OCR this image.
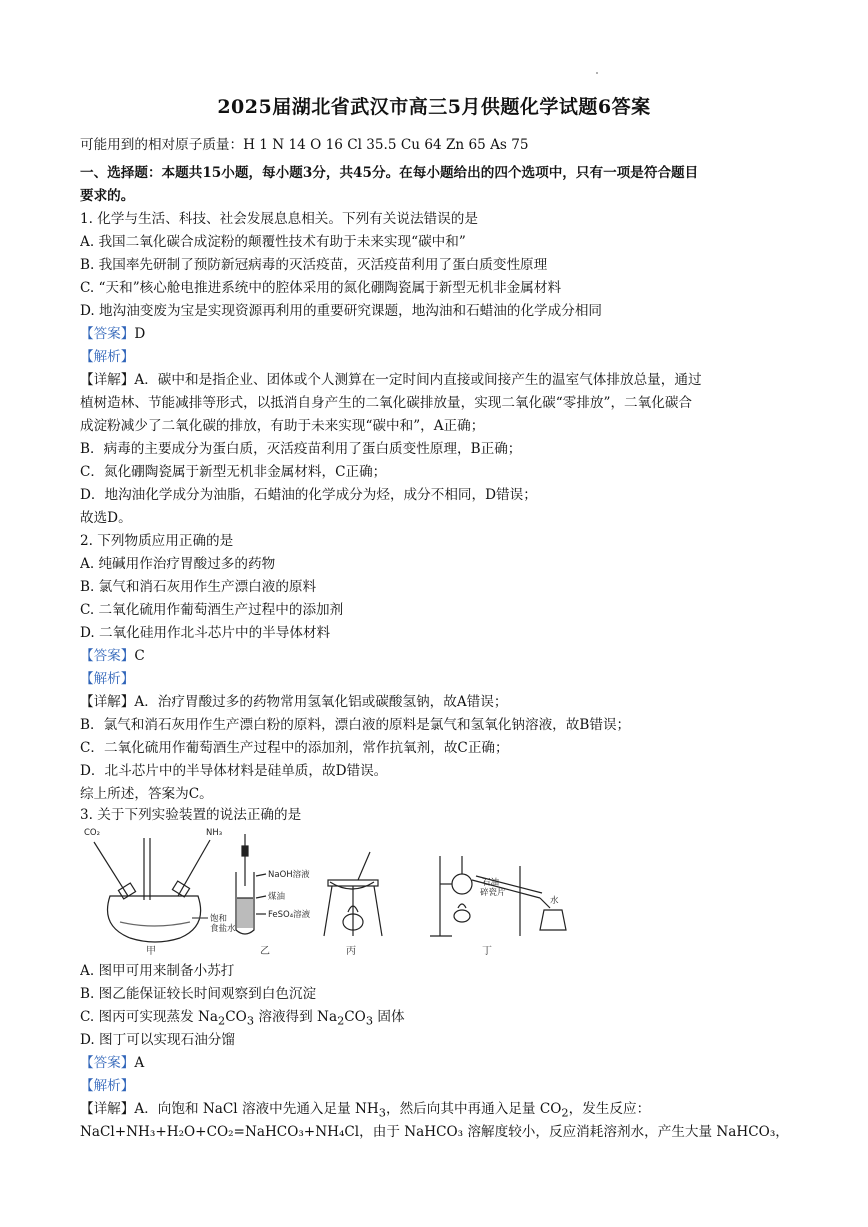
2025届湖北省武汉市高三5月供题化学试题6答案
可能用到的相对原子质量：H 1 N 14 O 16 Cl 35.5 Cu 64 Zn 65 As 75
一、选择题：本题共15小题，每小题3分，共45分。在每小题给出的四个选项中，只有一项是符合题目
要求的。
1. 化学与生活、科技、社会发展息息相关。下列有关说法错误的是
A. 我国二氧化碳合成淀粉的颠覆性技术有助于未来实现“碳中和”
B. 我国率先研制了预防新冠病毒的灭活疫苗，灭活疫苗利用了蛋白质变性原理
C. “天和”核心舱电推进系统中的腔体采用的氮化硼陶瓷属于新型无机非金属材料
D. 地沟油变废为宝是实现资源再利用的重要研究课题，地沟油和石蜡油的化学成分相同
【答案】D
【解析】
【详解】A．碳中和是指企业、团体或个人测算在一定时间内直接或间接产生的温室气体排放总量，通过
植树造林、节能减排等形式，以抵消自身产生的二氧化碳排放量，实现二氧化碳“零排放”，二氧化碳合
成淀粉减少了二氧化碳的排放，有助于未来实现“碳中和”，A正确；
B．病毒的主要成分为蛋白质，灭活疫苗利用了蛋白质变性原理，B正确；
C．氮化硼陶瓷属于新型无机非金属材料，C正确；
D．地沟油化学成分为油脂，石蜡油的化学成分为烃，成分不相同，D错误；
故选D。
2. 下列物质应用正确的是
A. 纯碱用作治疗胃酸过多的药物
B. 氯气和消石灰用作生产漂白液的原料
C. 二氧化硫用作葡萄酒生产过程中的添加剂
D. 二氧化硅用作北斗芯片中的半导体材料
【答案】C
【解析】
【详解】A．治疗胃酸过多的药物常用氢氧化铝或碳酸氢钠，故A错误；
B．氯气和消石灰用作生产漂白粉的原料，漂白液的原料是氯气和氢氧化钠溶液，故B错误；
C．二氧化硫用作葡萄酒生产过程中的添加剂，常作抗氧剂，故C正确；
D．北斗芯片中的半导体材料是硅单质，故D错误。
综上所述，答案为C。
3. 关于下列实验装置的说法正确的是
CO₂	NH₃
饱和
食盐水
NaOH溶液
煤油
FeSO₄溶液
石油
碎瓷片
水
甲	乙	丙	丁
A. 图甲可用来制备小苏打
B. 图乙能保证较长时间观察到白色沉淀
C. 图丙可实现蒸发 $Na_2CO_3$ 溶液得到 $Na_2CO_3$ 固体
D. 图丁可以实现石油分馏
【答案】A
【解析】
【详解】A．向饱和 NaCl 溶液中先通入足量 $NH_3$，然后向其中再通入足量 $CO_2$，发生反应：
NaCl+NH₃+H₂O+CO₂=NaHCO₃+NH₄Cl，由于 NaHCO₃ 溶解度较小，反应消耗溶剂水，产生大量 NaHCO₃，
